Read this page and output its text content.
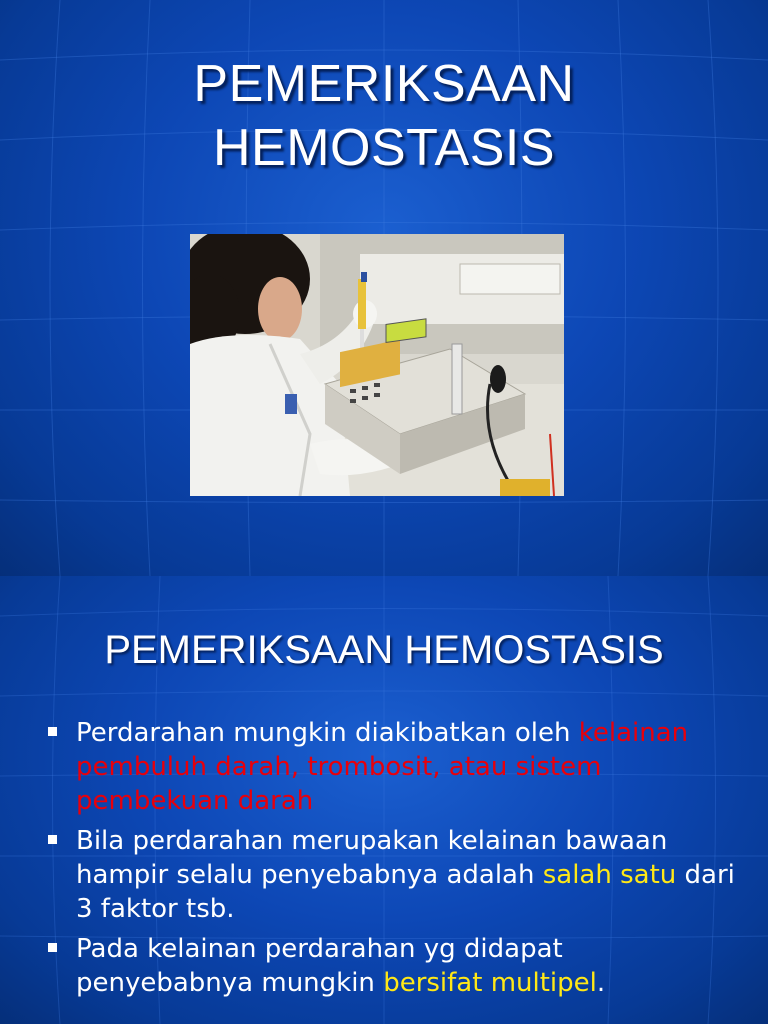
PEMERIKSAAN
HEMOSTASIS
PEMERIKSAAN HEMOSTASIS
Perdarahan mungkin diakibatkan oleh kelainan pembuluh darah, trombosit, atau sistem pembekuan darah
Bila perdarahan merupakan kelainan bawaan hampir selalu penyebabnya adalah salah satu dari 3 faktor tsb.
Pada kelainan perdarahan yg didapat penyebabnya mungkin bersifat multipel.
